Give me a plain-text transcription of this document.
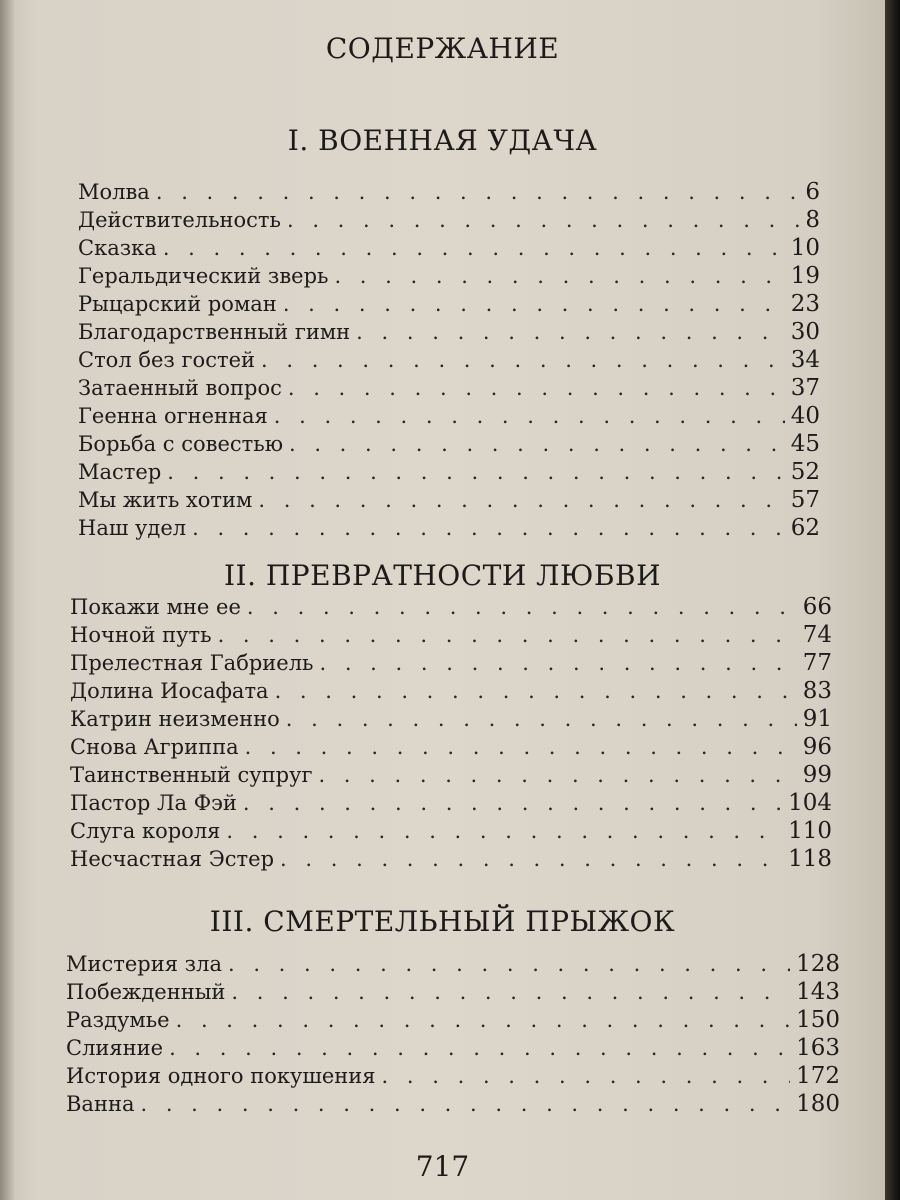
СОДЕРЖАНИЕ
I. ВОЕННАЯ УДАЧА
Молва . . .	6
Действительность . . .	8
Сказка . . .	10
Геральдический зверь . . .	19
Рыцарский роман . . .	23
Благодарственный гимн . . .	30
Стол без гостей . . .	34
Затаенный вопрос . . .	37
Геенна огненная . . .	40
Борьба с совестью . . .	45
Мастер . . .	52
Мы жить хотим . . .	57
Наш удел . . .	62
II. ПРЕВРАТНОСТИ ЛЮБВИ
Покажи мне ее . . .	66
Ночной путь . . .	74
Прелестная Габриель . . .	77
Долина Иосафата . . .	83
Катрин неизменно . . .	91
Снова Агриппа . . .	96
Таинственный супруг . . .	99
Пастор Ла Фэй . . .	104
Слуга короля . . .	110
Несчастная Эстер . . .	118
III. СМЕРТЕЛЬНЫЙ ПРЫЖОК
Мистерия зла . . .	128
Побежденный . . .	143
Раздумье . . .	150
Слияние . . .	163
История одного покушения . . .	172
Ванна . . .	180
717
